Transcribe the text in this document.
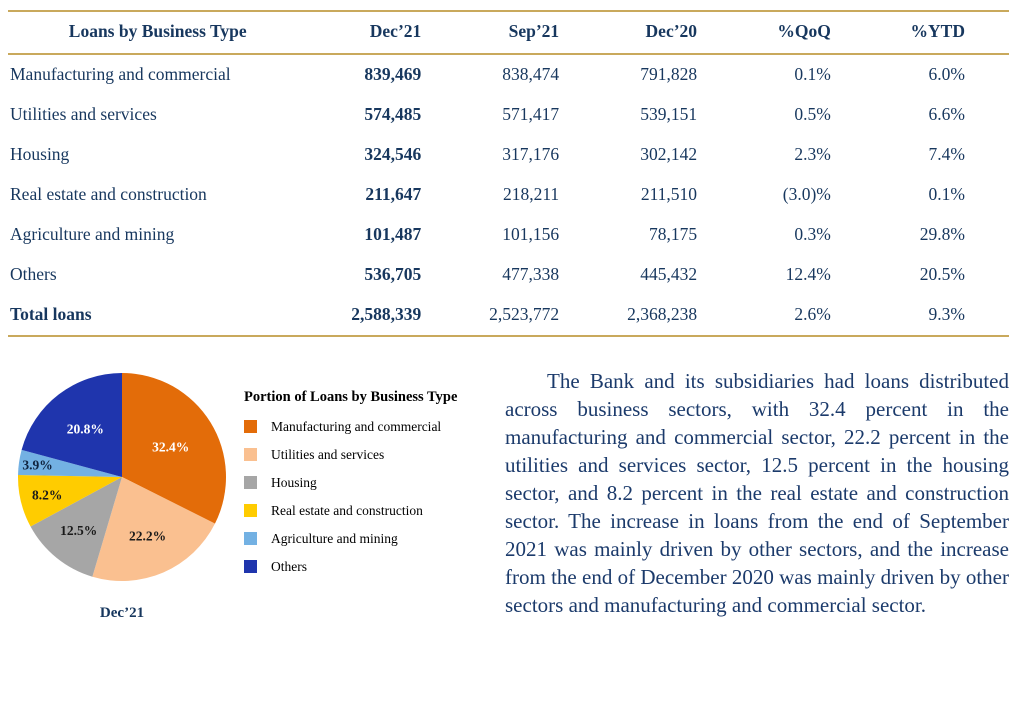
Loans by Business Type	Dec’21	Sep’21	Dec’20	%QoQ	%YTD
Manufacturing and commercial	839,469	838,474	791,828	0.1%	6.0%
Utilities and services	574,485	571,417	539,151	0.5%	6.6%
Housing	324,546	317,176	302,142	2.3%	7.4%
Real estate and construction	211,647	218,211	211,510	(3.0)%	0.1%
Agriculture and mining	101,487	101,156	78,175	0.3%	29.8%
Others	536,705	477,338	445,432	12.4%	20.5%
Total loans	2,588,339	2,523,772	2,368,238	2.6%	9.3%
32.4%
22.2%
12.5%
8.2%
3.9%
20.8%
Dec’21
Portion of Loans by Business Type
Manufacturing and commercial
Utilities and services
Housing
Real estate and construction
Agriculture and mining
Others

The Bank and its subsidiaries had loans distributed across business sectors, with 32.4 percent in the manufacturing and commercial sector, 22.2 percent in the utilities and services sector, 12.5 percent in the housing sector, and 8.2 percent in the real estate and construction sector. The increase in loans from the end of September 2021 was mainly driven by other sectors, and the increase from the end of December 2020 was mainly driven by other sectors and manufacturing and commercial sector.
